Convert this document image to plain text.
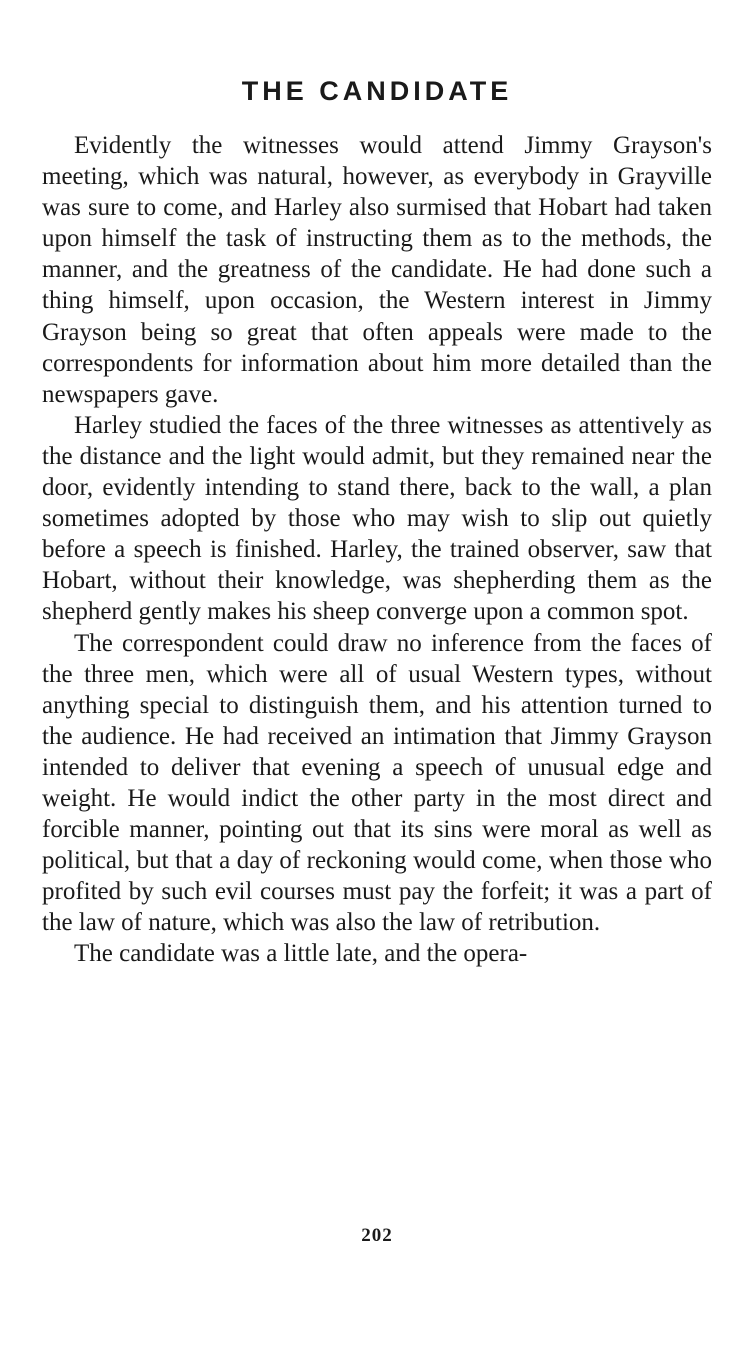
THE CANDIDATE

Evidently the witnesses would attend Jimmy Grayson's meeting, which was natural, however, as everybody in Grayville was sure to come, and Harley also surmised that Hobart had taken upon himself the task of instructing them as to the methods, the manner, and the greatness of the candidate. He had done such a thing himself, upon occasion, the Western interest in Jimmy Grayson being so great that often appeals were made to the correspondents for information about him more detailed than the newspapers gave.

Harley studied the faces of the three witnesses as attentively as the distance and the light would admit, but they remained near the door, evidently intending to stand there, back to the wall, a plan sometimes adopted by those who may wish to slip out quietly before a speech is finished. Harley, the trained observer, saw that Hobart, without their knowledge, was shepherding them as the shepherd gently makes his sheep converge upon a common spot.

The correspondent could draw no inference from the faces of the three men, which were all of usual Western types, without anything special to distinguish them, and his attention turned to the audience. He had received an intimation that Jimmy Grayson intended to deliver that evening a speech of unusual edge and weight. He would indict the other party in the most direct and forcible manner, pointing out that its sins were moral as well as political, but that a day of reckoning would come, when those who profited by such evil courses must pay the forfeit; it was a part of the law of nature, which was also the law of retribution.

The candidate was a little late, and the opera-

202
